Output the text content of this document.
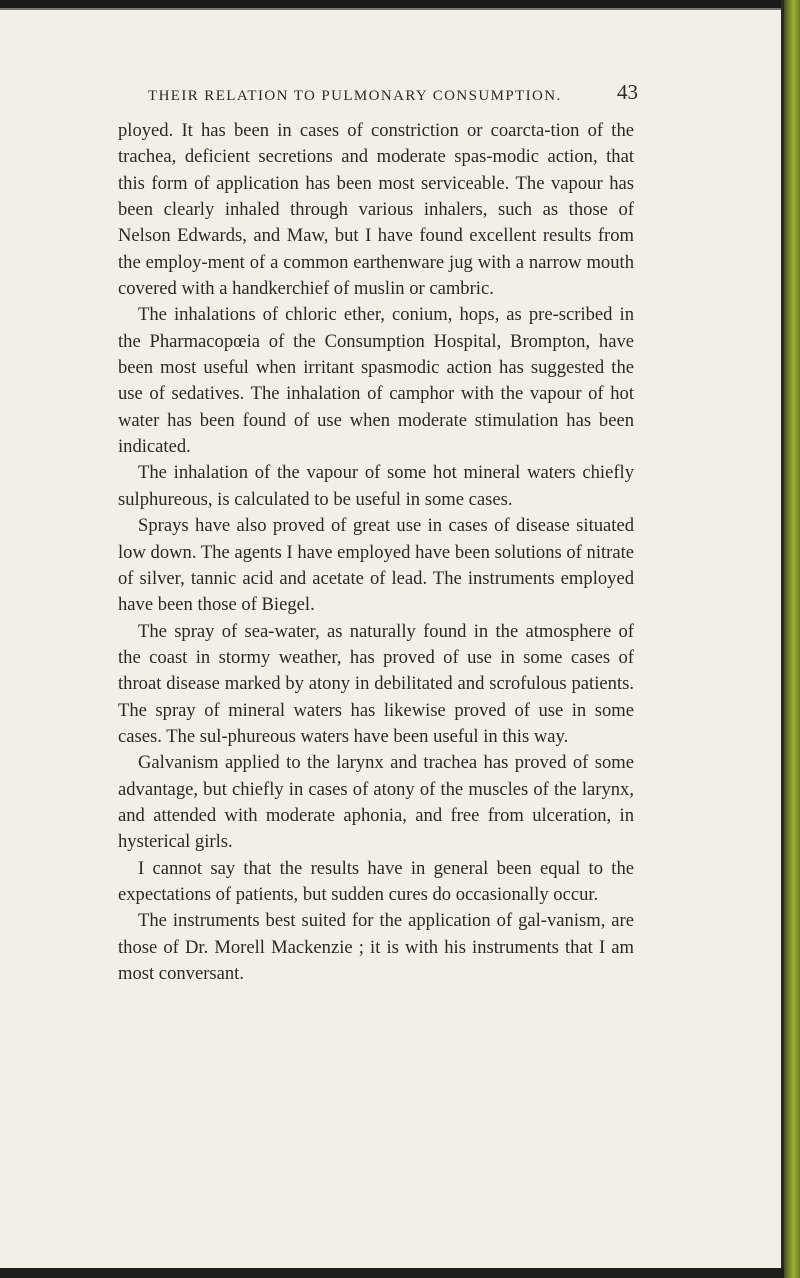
THEIR RELATION TO PULMONARY CONSUMPTION.	43

ployed. It has been in cases of constriction or coarcta-tion of the trachea, deficient secretions and moderate spas-modic action, that this form of application has been most serviceable. The vapour has been clearly inhaled through various inhalers, such as those of Nelson Edwards, and Maw, but I have found excellent results from the employ-ment of a common earthenware jug with a narrow mouth covered with a handkerchief of muslin or cambric.

The inhalations of chloric ether, conium, hops, as pre-scribed in the Pharmacopœia of the Consumption Hospital, Brompton, have been most useful when irritant spasmodic action has suggested the use of sedatives. The inhalation of camphor with the vapour of hot water has been found of use when moderate stimulation has been indicated.

The inhalation of the vapour of some hot mineral waters chiefly sulphureous, is calculated to be useful in some cases.

Sprays have also proved of great use in cases of disease situated low down. The agents I have employed have been solutions of nitrate of silver, tannic acid and acetate of lead. The instruments employed have been those of Biegel.

The spray of sea-water, as naturally found in the atmosphere of the coast in stormy weather, has proved of use in some cases of throat disease marked by atony in debilitated and scrofulous patients. The spray of mineral waters has likewise proved of use in some cases. The sul-phureous waters have been useful in this way.

Galvanism applied to the larynx and trachea has proved of some advantage, but chiefly in cases of atony of the muscles of the larynx, and attended with moderate aphonia, and free from ulceration, in hysterical girls.

I cannot say that the results have in general been equal to the expectations of patients, but sudden cures do occasionally occur.

The instruments best suited for the application of gal-vanism, are those of Dr. Morell Mackenzie ; it is with his instruments that I am most conversant.
